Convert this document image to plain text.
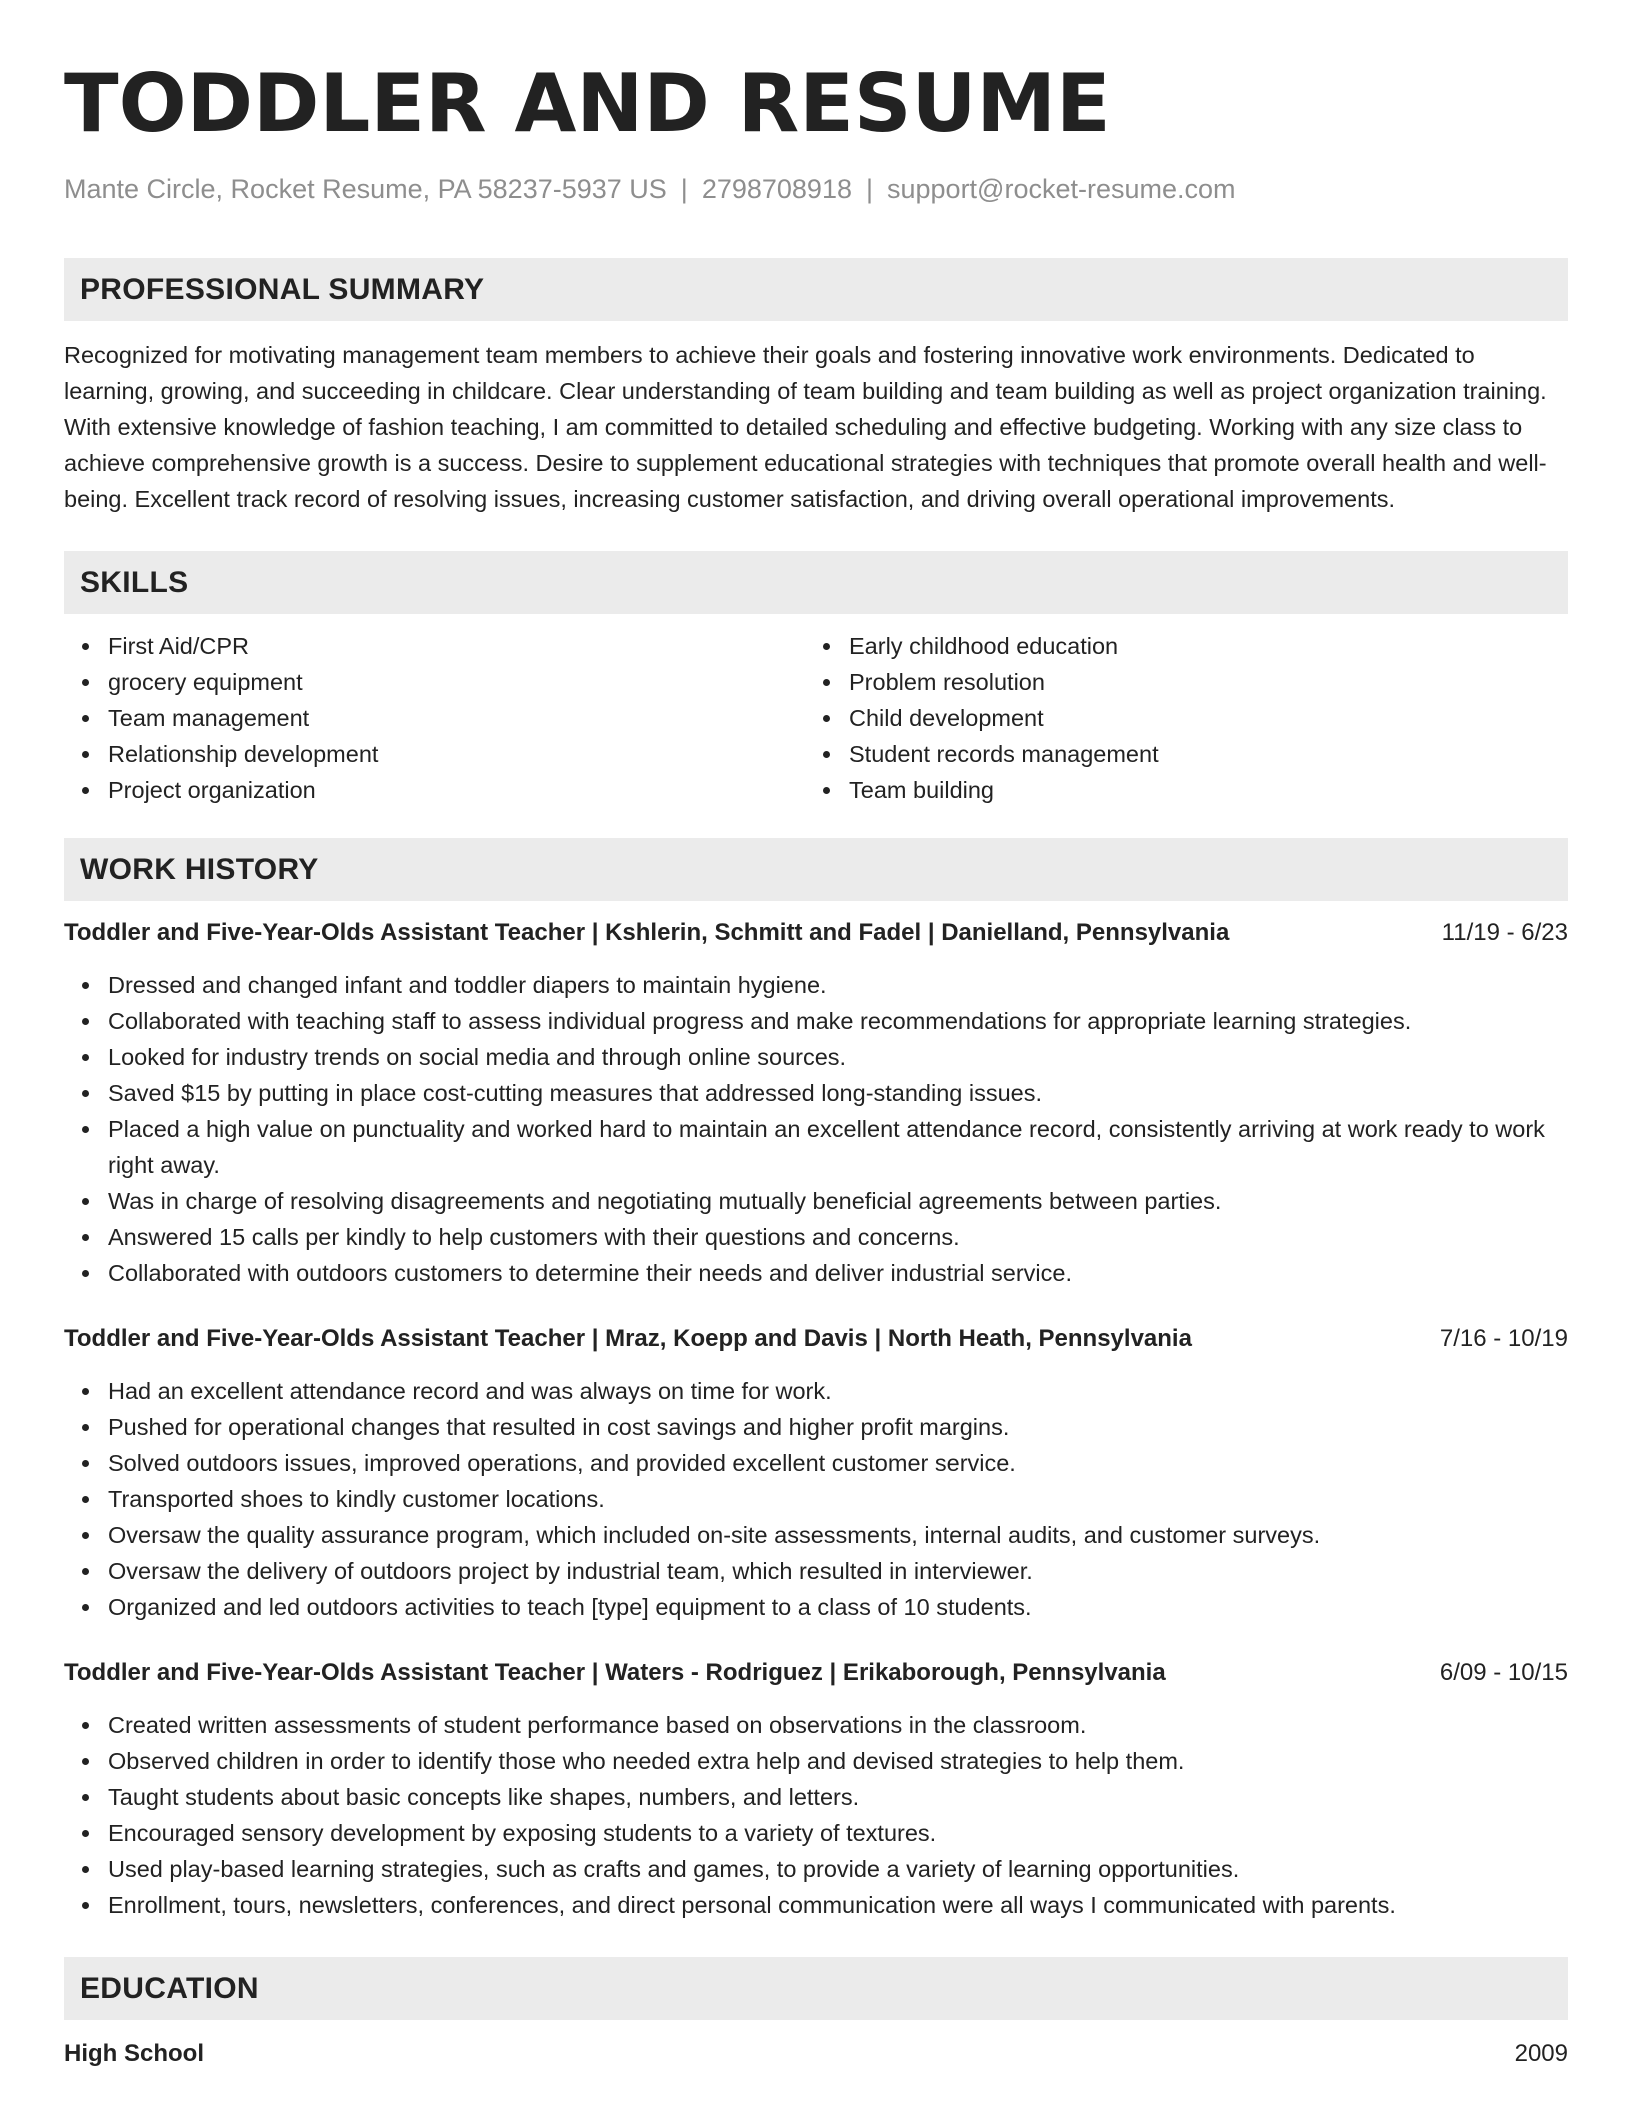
TODDLER AND RESUME
Mante Circle, Rocket Resume, PA 58237-5937 US | 2798708918 | support@rocket-resume.com
PROFESSIONAL SUMMARY

Recognized for motivating management team members to achieve their goals and fostering innovative work environments. Dedicated to learning, growing, and succeeding in childcare. Clear understanding of team building and team building as well as project organization training. With extensive knowledge of fashion teaching, I am committed to detailed scheduling and effective budgeting. Working with any size class to achieve comprehensive growth is a success. Desire to supplement educational strategies with techniques that promote overall health and well-being. Excellent track record of resolving issues, increasing customer satisfaction, and driving overall operational improvements.

SKILLS
First Aid/CPR
grocery equipment
Team management
Relationship development
Project organization
Early childhood education
Problem resolution
Child development
Student records management
Team building
WORK HISTORY
Toddler and Five-Year-Olds Assistant Teacher | Kshlerin, Schmitt and Fadel | Danielland, Pennsylvania	11/19 - 6/23
Dressed and changed infant and toddler diapers to maintain hygiene.
Collaborated with teaching staff to assess individual progress and make recommendations for appropriate learning strategies.
Looked for industry trends on social media and through online sources.
Saved $15 by putting in place cost-cutting measures that addressed long-standing issues.
Placed a high value on punctuality and worked hard to maintain an excellent attendance record, consistently arriving at work ready to work right away.
Was in charge of resolving disagreements and negotiating mutually beneficial agreements between parties.
Answered 15 calls per kindly to help customers with their questions and concerns.
Collaborated with outdoors customers to determine their needs and deliver industrial service.
Toddler and Five-Year-Olds Assistant Teacher | Mraz, Koepp and Davis | North Heath, Pennsylvania	7/16 - 10/19
Had an excellent attendance record and was always on time for work.
Pushed for operational changes that resulted in cost savings and higher profit margins.
Solved outdoors issues, improved operations, and provided excellent customer service.
Transported shoes to kindly customer locations.
Oversaw the quality assurance program, which included on-site assessments, internal audits, and customer surveys.
Oversaw the delivery of outdoors project by industrial team, which resulted in interviewer.
Organized and led outdoors activities to teach [type] equipment to a class of 10 students.
Toddler and Five-Year-Olds Assistant Teacher | Waters - Rodriguez | Erikaborough, Pennsylvania	6/09 - 10/15
Created written assessments of student performance based on observations in the classroom.
Observed children in order to identify those who needed extra help and devised strategies to help them.
Taught students about basic concepts like shapes, numbers, and letters.
Encouraged sensory development by exposing students to a variety of textures.
Used play-based learning strategies, such as crafts and games, to provide a variety of learning opportunities.
Enrollment, tours, newsletters, conferences, and direct personal communication were all ways I communicated with parents.
EDUCATION
High School	2009
